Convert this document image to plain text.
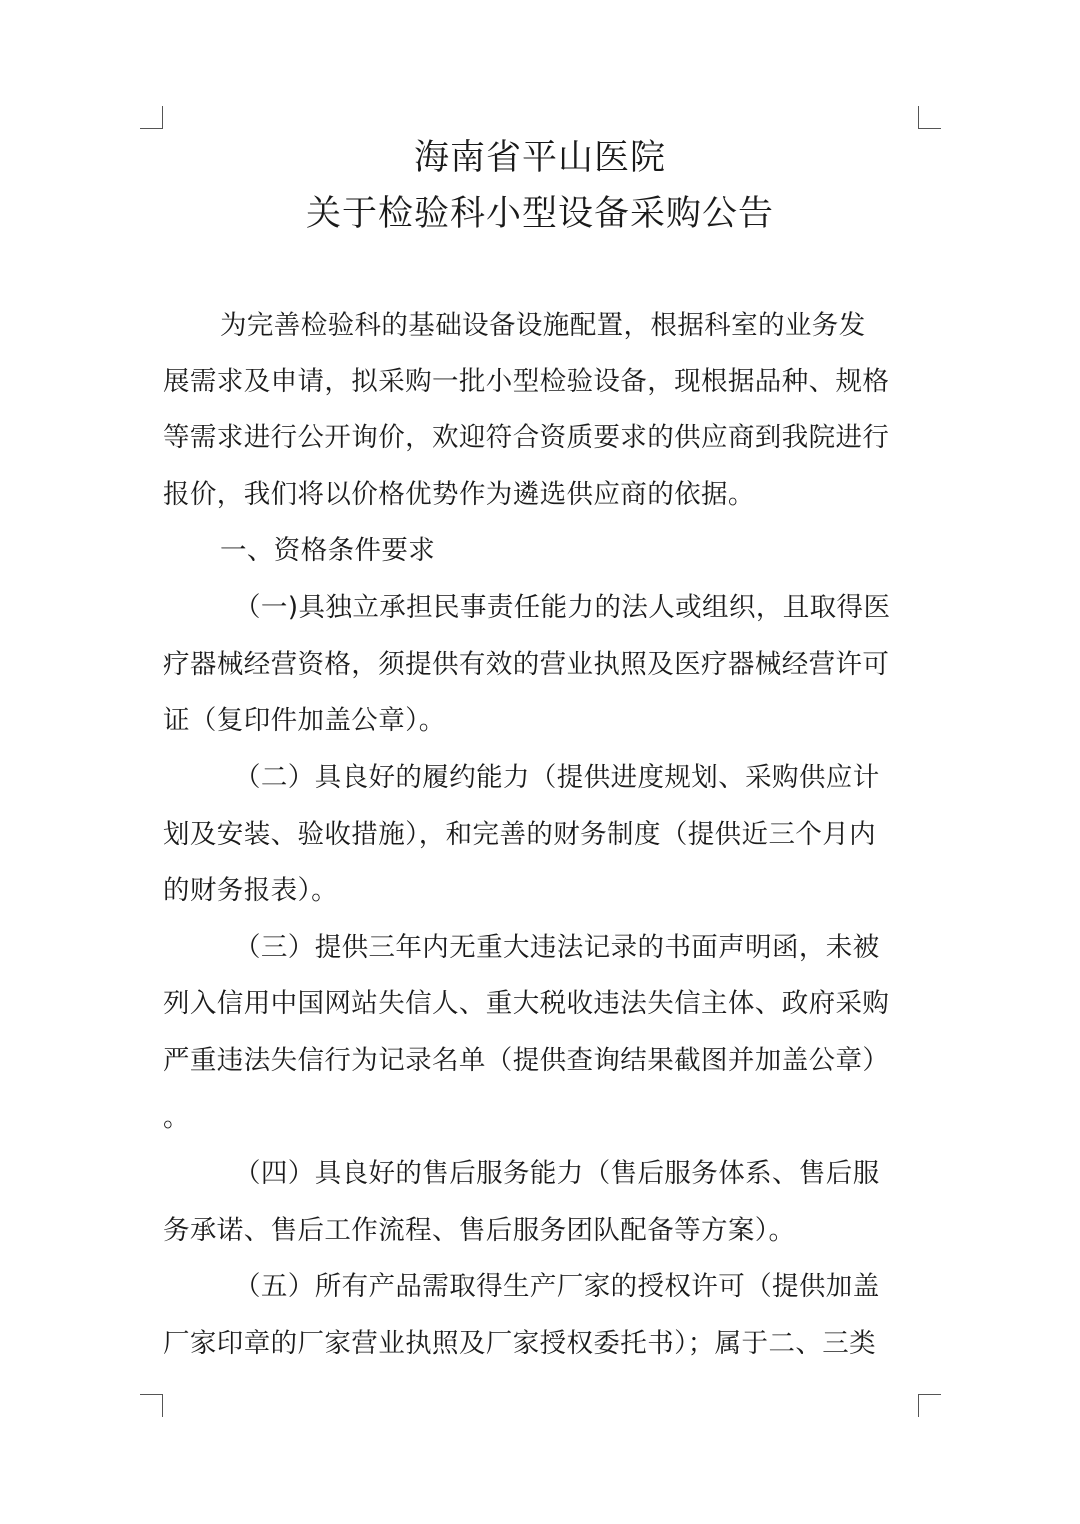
海南省平山医院
关于检验科小型设备采购公告

为完善检验科的基础设备设施配置，根据科室的业务发

展需求及申请，拟采购一批小型检验设备，现根据品种、规格

等需求进行公开询价，欢迎符合资质要求的供应商到我院进行

报价，我们将以价格优势作为遴选供应商的依据。

一、资格条件要求

（一)具独立承担民事责任能力的法人或组织，且取得医

疗器械经营资格，须提供有效的营业执照及医疗器械经营许可

证（复印件加盖公章）。

（二）具良好的履约能力（提供进度规划、采购供应计

划及安装、验收措施），和完善的财务制度（提供近三个月内

的财务报表）。

（三）提供三年内无重大违法记录的书面声明函，未被

列入信用中国网站失信人、重大税收违法失信主体、政府采购

严重违法失信行为记录名单（提供查询结果截图并加盖公章）

。

（四）具良好的售后服务能力（售后服务体系、售后服

务承诺、售后工作流程、售后服务团队配备等方案）。

（五）所有产品需取得生产厂家的授权许可（提供加盖

厂家印章的厂家营业执照及厂家授权委托书）；属于二、三类
